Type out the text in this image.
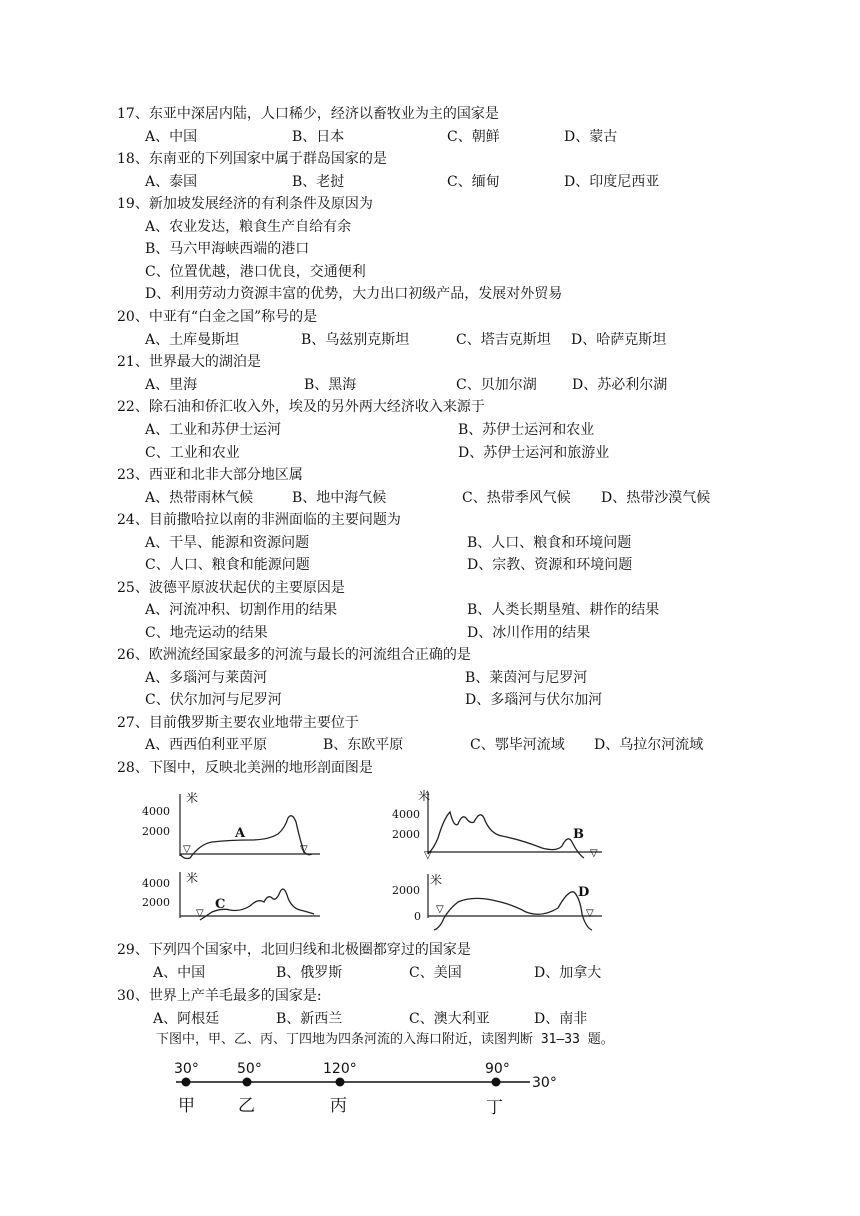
17、东亚中深居内陆，人口稀少，经济以畜牧业为主的国家是
A、中国	B、日本	C、朝鲜	D、蒙古
18、东南亚的下列国家中属于群岛国家的是
A、泰国	B、老挝	C、缅甸	D、印度尼西亚
19、新加坡发展经济的有利条件及原因为
A、农业发达，粮食生产自给有余
B、马六甲海峡西端的港口
C、位置优越，港口优良，交通便利
D、利用劳动力资源丰富的优势，大力出口初级产品，发展对外贸易
20、中亚有“白金之国”称号的是
A、土库曼斯坦	B、乌兹别克斯坦	C、塔吉克斯坦 D、哈萨克斯坦
21、世界最大的湖泊是
A、里海	B、黑海	C、贝加尔湖	D、苏必利尔湖
22、除石油和侨汇收入外，埃及的另外两大经济收入来源于
A、工业和苏伊士运河	B、苏伊士运河和农业
C、工业和农业	D、苏伊士运河和旅游业
23、西亚和北非大部分地区属
A、热带雨林气候	B、地中海气候	C、热带季风气候 D、热带沙漠气候
24、目前撒哈拉以南的非洲面临的主要问题为
A、干旱、能源和资源问题	B、人口、粮食和环境问题
C、人口、粮食和能源问题	D、宗教、资源和环境问题
25、波德平原波状起伏的主要原因是
A、河流冲积、切割作用的结果	B、人类长期垦殖、耕作的结果
C、地壳运动的结果	D、冰川作用的结果
26、欧洲流经国家最多的河流与最长的河流组合正确的是
A、多瑙河与莱茵河	B、莱茵河与尼罗河
C、伏尔加河与尼罗河	D、多瑙河与伏尔加河
27、目前俄罗斯主要农业地带主要位于
A、西西伯利亚平原	B、东欧平原	C、鄂毕河流域 D、乌拉尔河流域
28、下图中，反映北美洲的地形剖面图是
米
4000
2000	A
▽	▽
米
4000
2000	B
▽	▽
米
4000
2000	C
▽
米
2000
0
D
▽	▽
29、下列四个国家中，北回归线和北极圈都穿过的国家是
A、中国	B、俄罗斯	C、美国	D、加拿大
30、世界上产羊毛最多的国家是:
A、阿根廷	B、新西兰	C、澳大利亚	D、南非
下图中，甲、乙、丙、丁四地为四条河流的入海口附近，读图判断 31—33 题。
30°
甲
50°
乙
120°
丙
90°
丁
30°
